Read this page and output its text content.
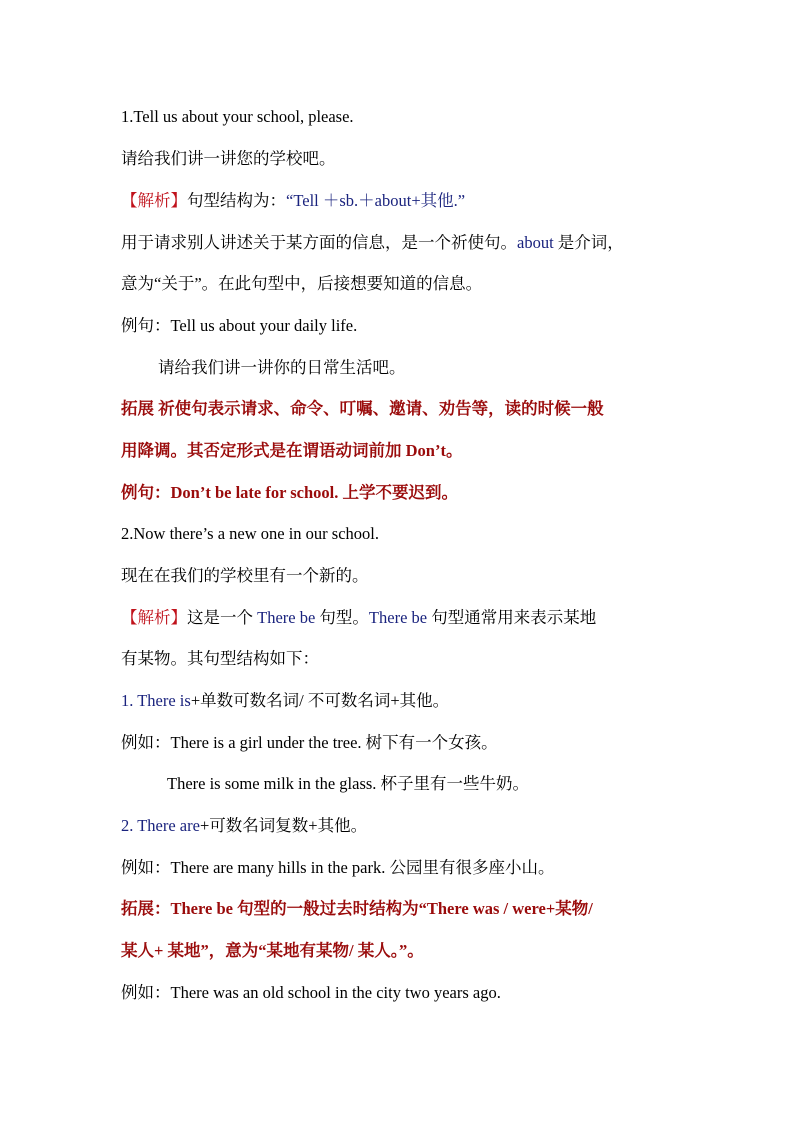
1.Tell us about your school, please.
请给我们讲一讲您的学校吧。
【解析】句型结构为：“Tell ＋sb.＋about+其他.”
用于请求别人讲述关于某方面的信息，是一个祈使句。about 是介词，
意为“关于”。在此句型中，后接想要知道的信息。
例句：Tell us about your daily life.
请给我们讲一讲你的日常生活吧。
拓展 祈使句表示请求、命令、叮嘱、邀请、劝告等，读的时候一般
用降调。其否定形式是在谓语动词前加 Don’t。
例句：Don’t be late for school. 上学不要迟到。
2.Now there’s a new one in our school.
现在在我们的学校里有一个新的。
【解析】这是一个 There be 句型。There be 句型通常用来表示某地
有某物。其句型结构如下：
1. There is+单数可数名词/ 不可数名词+其他。
例如：There is a girl under the tree. 树下有一个女孩。
There is some milk in the glass. 杯子里有一些牛奶。
2. There are+可数名词复数+其他。
例如：There are many hills in the park. 公园里有很多座小山。
拓展：There be 句型的一般过去时结构为“There was / were+某物/
某人+ 某地”，意为“某地有某物/ 某人。”。
例如：There was an old school in the city two years ago.
